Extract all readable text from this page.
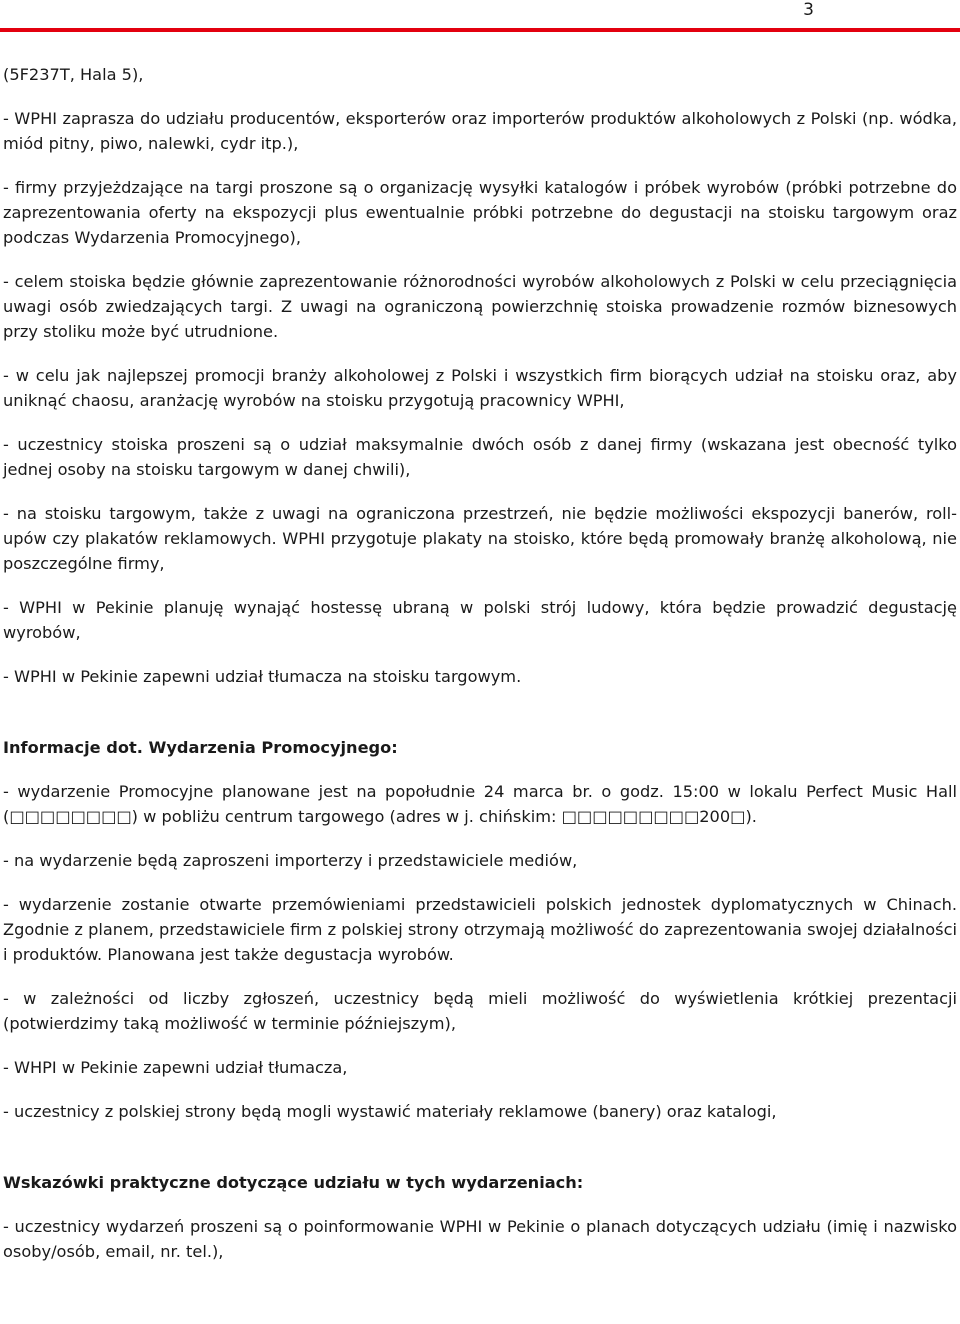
3

(5F237T, Hala 5),

- WPHI zaprasza do udziału producentów, eksporterów oraz importerów produktów alkoholowych z Polski (np. wódka, miód pitny, piwo, nalewki, cydr itp.),

- firmy przyjeżdzające na targi proszone są o organizację wysyłki katalogów i próbek wyrobów (próbki potrzebne do zaprezentowania oferty na ekspozycji plus ewentualnie próbki potrzebne do degustacji na stoisku targowym oraz podczas Wydarzenia Promocyjnego),

- celem stoiska będzie głównie zaprezentowanie różnorodności wyrobów alkoholowych z Polski w celu przeciągnięcia uwagi osób zwiedzających targi. Z uwagi na ograniczoną powierzchnię stoiska prowadzenie rozmów biznesowych przy stoliku może być utrudnione.

- w celu jak najlepszej promocji branży alkoholowej z Polski i wszystkich firm biorących udział na stoisku oraz, aby uniknąć chaosu, aranżację wyrobów na stoisku przygotują pracownicy WPHI,

- uczestnicy stoiska proszeni są o udział maksymalnie dwóch osób z danej firmy (wskazana jest obecność tylko jednej osoby na stoisku targowym w danej chwili),

- na stoisku targowym, także z uwagi na ograniczona przestrzeń, nie będzie możliwości ekspozycji banerów, roll-upów czy plakatów reklamowych. WPHI przygotuje plakaty na stoisko, które będą promowały branżę alkoholową, nie poszczególne firmy,

- WPHI w Pekinie planuję wynająć hostessę ubraną w polski strój ludowy, która będzie prowadzić degustację wyrobów,

- WPHI w Pekinie zapewni udział tłumacza na stoisku targowym.

Informacje dot. Wydarzenia Promocyjnego:

- wydarzenie Promocyjne planowane jest na popołudnie 24 marca br. o godz. 15:00 w lokalu Perfect Music Hall (□□□□□□□□) w pobliżu centrum targowego (adres w j. chińskim: □□□□□□□□□200□).

- na wydarzenie będą zaproszeni importerzy i przedstawiciele mediów,

- wydarzenie zostanie otwarte przemówieniami przedstawicieli polskich jednostek dyplomatycznych w Chinach. Zgodnie z planem, przedstawiciele firm z polskiej strony otrzymają możliwość do zaprezentowania swojej działalności i produktów. Planowana jest także degustacja wyrobów.

- w zależności od liczby zgłoszeń, uczestnicy będą mieli możliwość do wyświetlenia krótkiej prezentacji (potwierdzimy taką możliwość w terminie późniejszym),

- WHPI w Pekinie zapewni udział tłumacza,

- uczestnicy z polskiej strony będą mogli wystawić materiały reklamowe (banery) oraz katalogi,

Wskazówki praktyczne dotyczące udziału w tych wydarzeniach:

- uczestnicy wydarzeń proszeni są o poinformowanie WPHI w Pekinie o planach dotyczących udziału (imię i nazwisko osoby/osób, email, nr. tel.),
